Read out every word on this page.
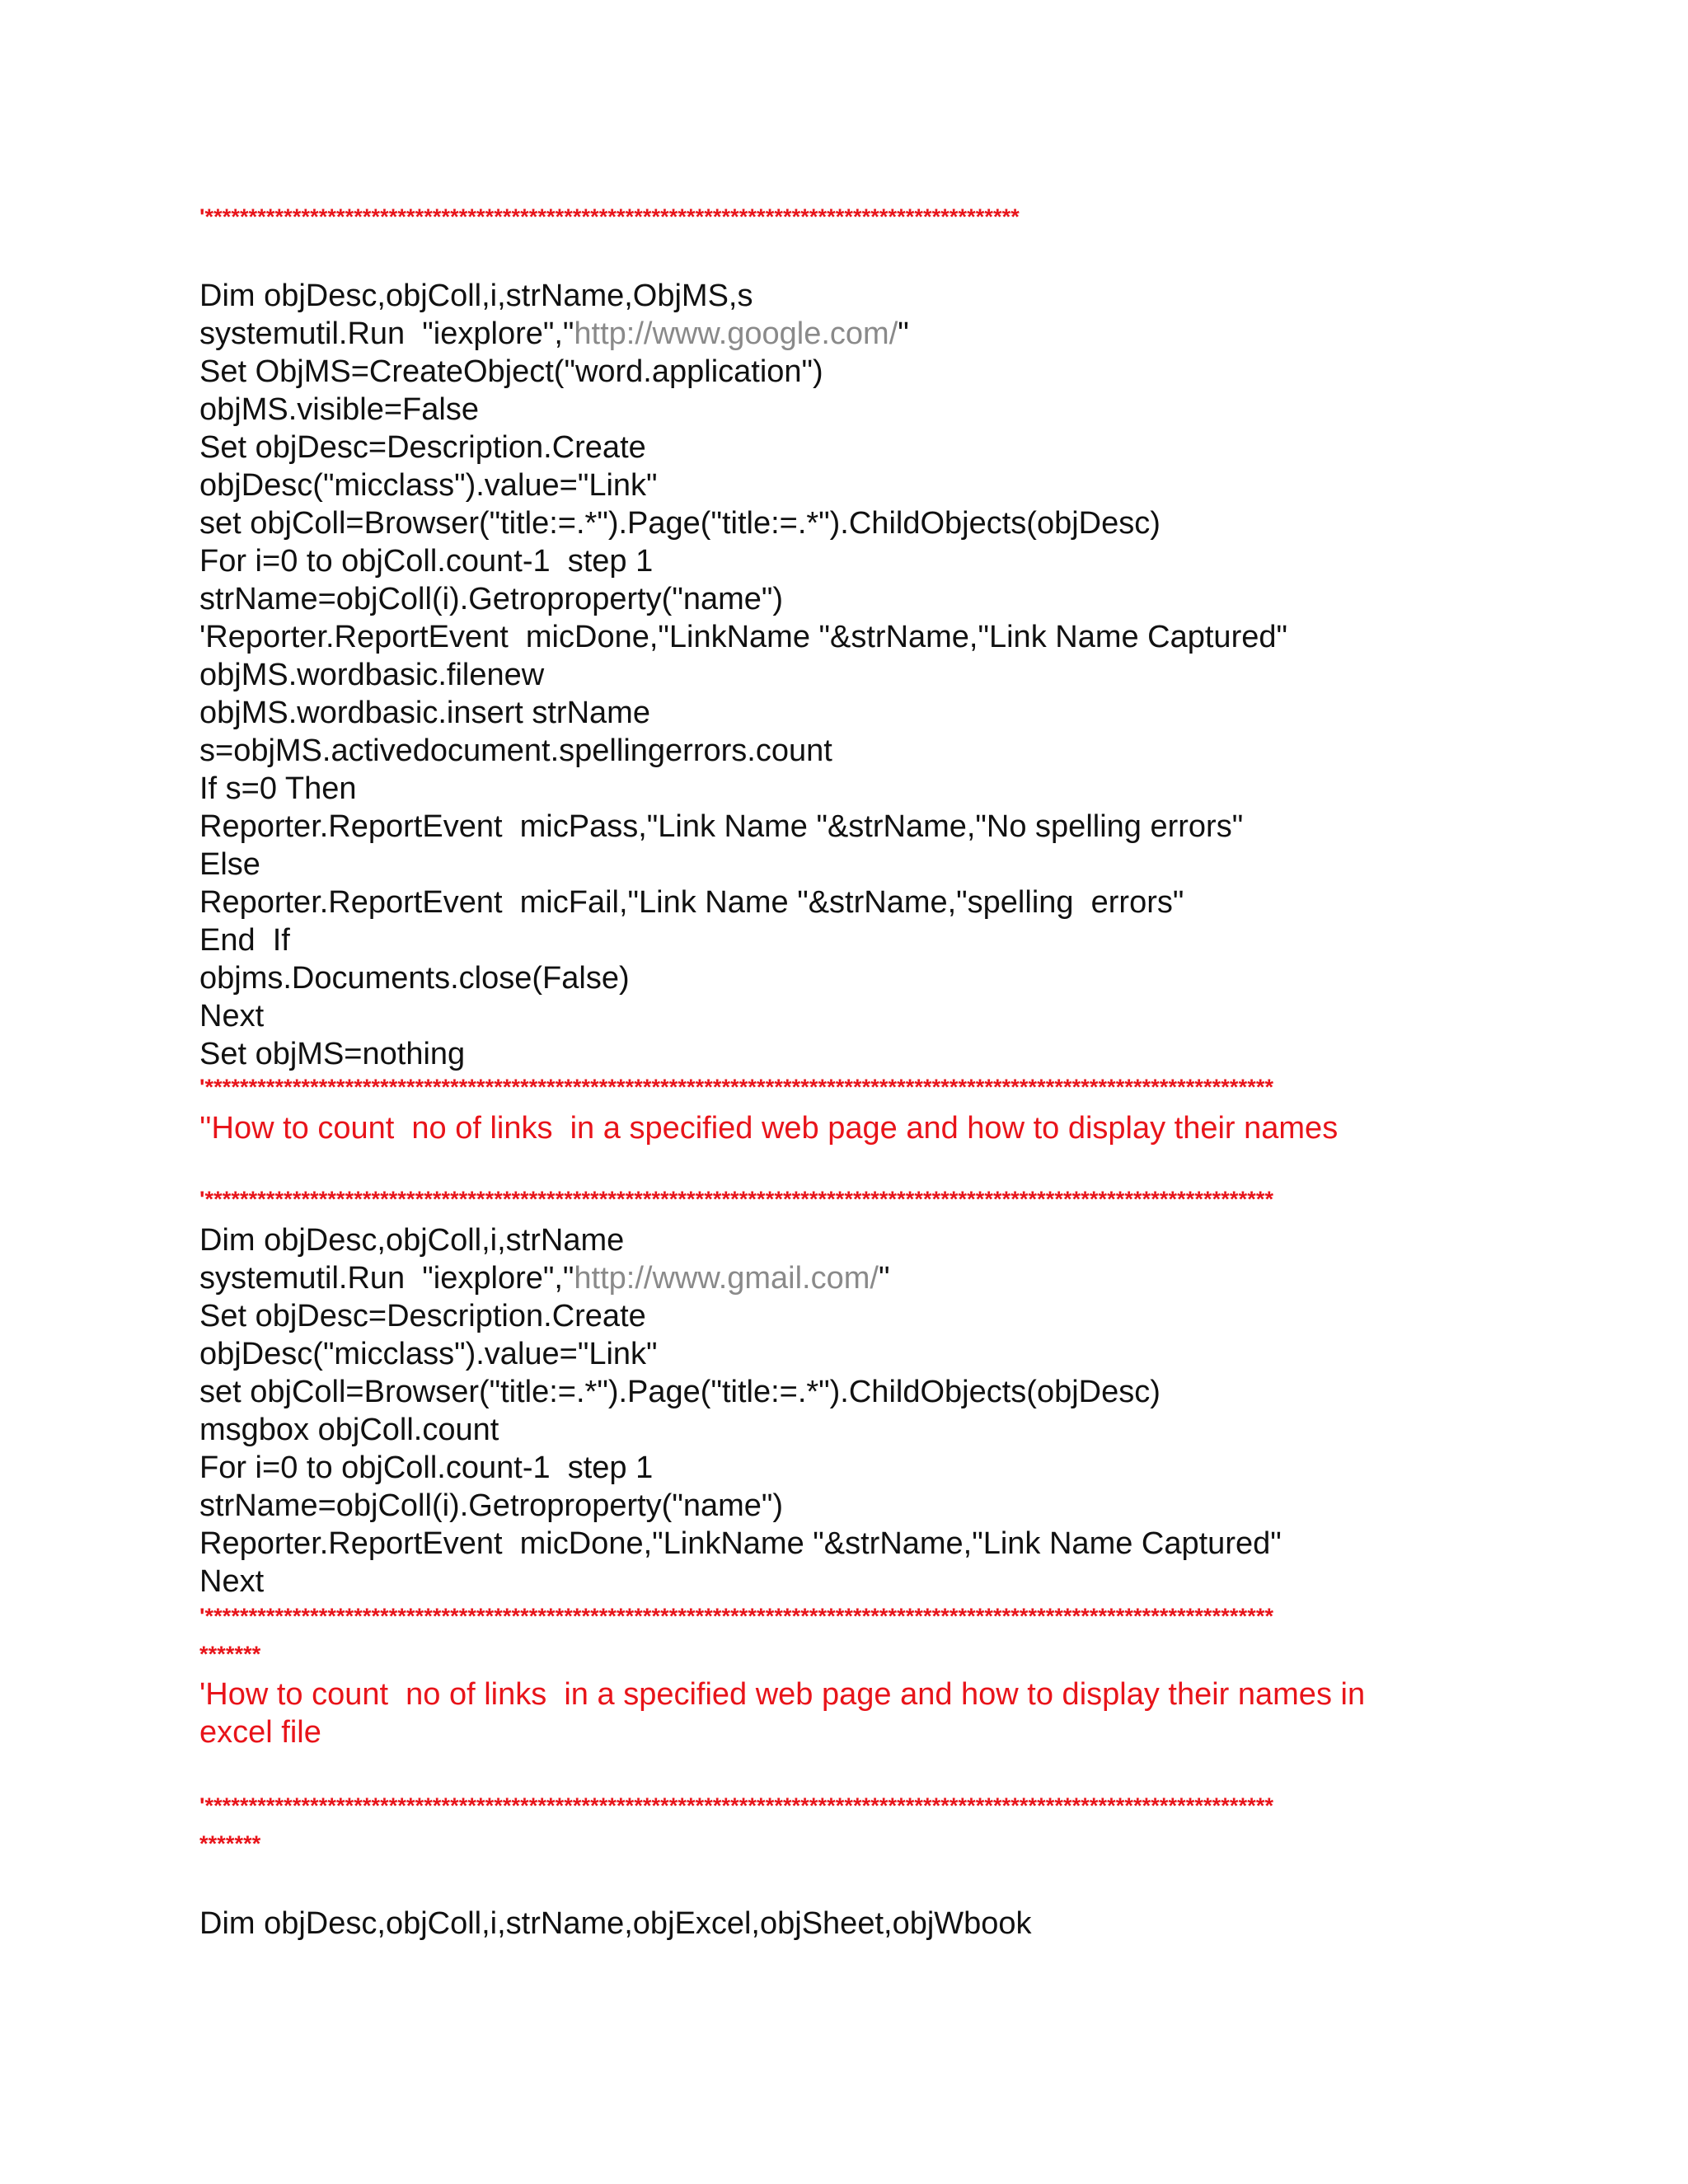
'*********************************************************************************************
Dim objDesc,objColl,i,strName,ObjMS,s
systemutil.Run  "iexplore","http://www.google.com/"
Set ObjMS=CreateObject("word.application")
objMS.visible=False
Set objDesc=Description.Create
objDesc("micclass").value="Link"
set objColl=Browser("title:=.*").Page("title:=.*").ChildObjects(objDesc)
For i=0 to objColl.count-1  step 1
strName=objColl(i).Getroproperty("name")
'Reporter.ReportEvent  micDone,"LinkName "&strName,"Link Name Captured"
objMS.wordbasic.filenew
objMS.wordbasic.insert strName
s=objMS.activedocument.spellingerrors.count
If s=0 Then
Reporter.ReportEvent  micPass,"Link Name "&strName,"No spelling errors"
Else
Reporter.ReportEvent  micFail,"Link Name "&strName,"spelling  errors"
End  If
objms.Documents.close(False)
Next
Set objMS=nothing
'**************************************************************************************************************************
''How to count  no of links  in a specified web page and how to display their names
'**************************************************************************************************************************
Dim objDesc,objColl,i,strName
systemutil.Run  "iexplore","http://www.gmail.com/"
Set objDesc=Description.Create
objDesc("micclass").value="Link"
set objColl=Browser("title:=.*").Page("title:=.*").ChildObjects(objDesc)
msgbox objColl.count
For i=0 to objColl.count-1  step 1
strName=objColl(i).Getroproperty("name")
Reporter.ReportEvent  micDone,"LinkName "&strName,"Link Name Captured"
Next
'**************************************************************************************************************************
*******
'How to count  no of links  in a specified web page and how to display their names in
excel file
'**************************************************************************************************************************
*******
Dim objDesc,objColl,i,strName,objExcel,objSheet,objWbook
